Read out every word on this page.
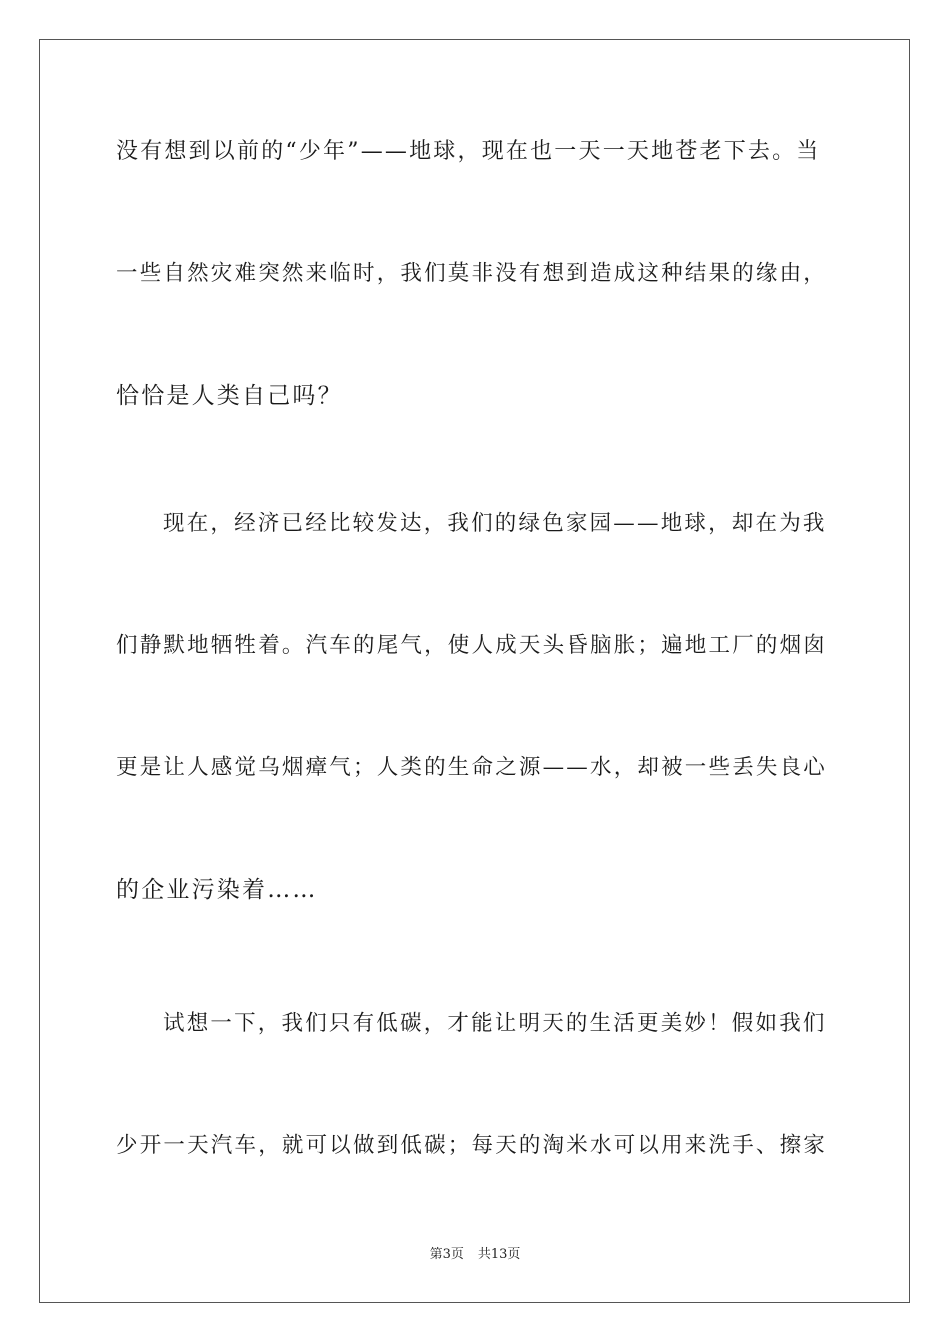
没有想到以前的“少年”——地球，现在也一天一天地苍老下去。当
一些自然灾难突然来临时，我们莫非没有想到造成这种结果的缘由，
恰恰是人类自己吗？
现在，经济已经比较发达，我们的绿色家园——地球，却在为我
们静默地牺牲着。汽车的尾气，使人成天头昏脑胀；遍地工厂的烟囱
更是让人感觉乌烟瘴气；人类的生命之源——水，却被一些丢失良心
的企业污染着……
试想一下，我们只有低碳，才能让明天的生活更美妙！假如我们
少开一天汽车，就可以做到低碳；每天的淘米水可以用来洗手、擦家
第3页 共13页
